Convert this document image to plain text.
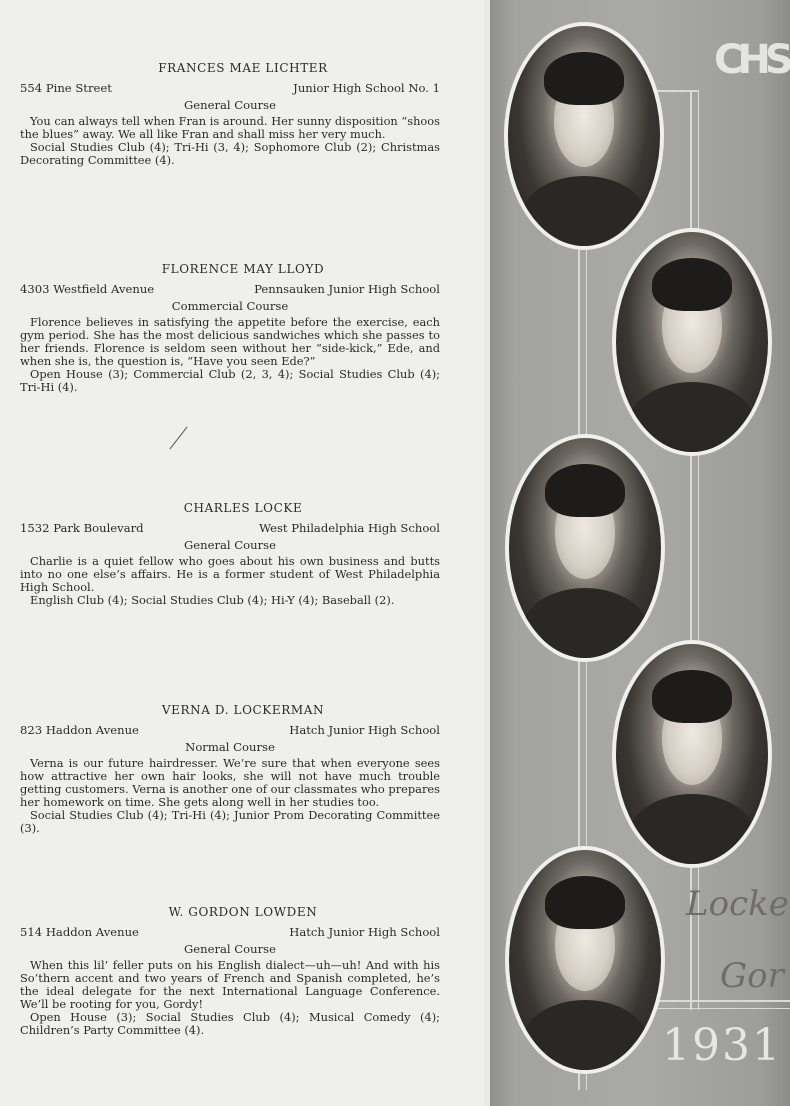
FRANCES MAE LICHTER
554 Pine Street	Junior High School No. 1
General Course
You can always tell when Fran is around. Her sunny disposition “shoos the blues” away. We all like Fran and shall miss her very much.
Social Studies Club (4); Tri-Hi (3, 4); Sophomore Club (2); Christmas Decorating Committee (4).
FLORENCE MAY LLOYD
4303 Westfield Avenue	Pennsauken Junior High School
Commercial Course
Florence believes in satisfying the appetite before the exercise, each gym period. She has the most delicious sandwiches which she passes to her friends. Florence is seldom seen without her “side-kick,” Ede, and when she is, the question is, “Have you seen Ede?”
Open House (3); Commercial Club (2, 3, 4); Social Studies Club (4); Tri-Hi (4).
CHARLES LOCKE
1532 Park Boulevard	West Philadelphia High School
General Course
Charlie is a quiet fellow who goes about his own business and butts into no one else’s affairs. He is a former student of West Philadelphia High School.
English Club (4); Social Studies Club (4); Hi-Y (4); Baseball (2).
VERNA D. LOCKERMAN
823 Haddon Avenue	Hatch Junior High School
Normal Course
Verna is our future hairdresser. We’re sure that when everyone sees how attractive her own hair looks, she will not have much trouble getting customers. Verna is another one of our classmates who prepares her homework on time. She gets along well in her studies too.
Social Studies Club (4); Tri-Hi (4); Junior Prom Decorating Committee (3).
W. GORDON LOWDEN
514 Haddon Avenue	Hatch Junior High School
General Course
When this lil’ feller puts on his English dialect—uh—uh! And with his So’thern accent and two years of French and Spanish completed, he’s the ideal delegate for the next International Language Conference. We’ll be rooting for you, Gordy!
Open House (3); Social Studies Club (4); Musical Comedy (4); Children’s Party Committee (4).
CHS
Locke
Gor
1931
